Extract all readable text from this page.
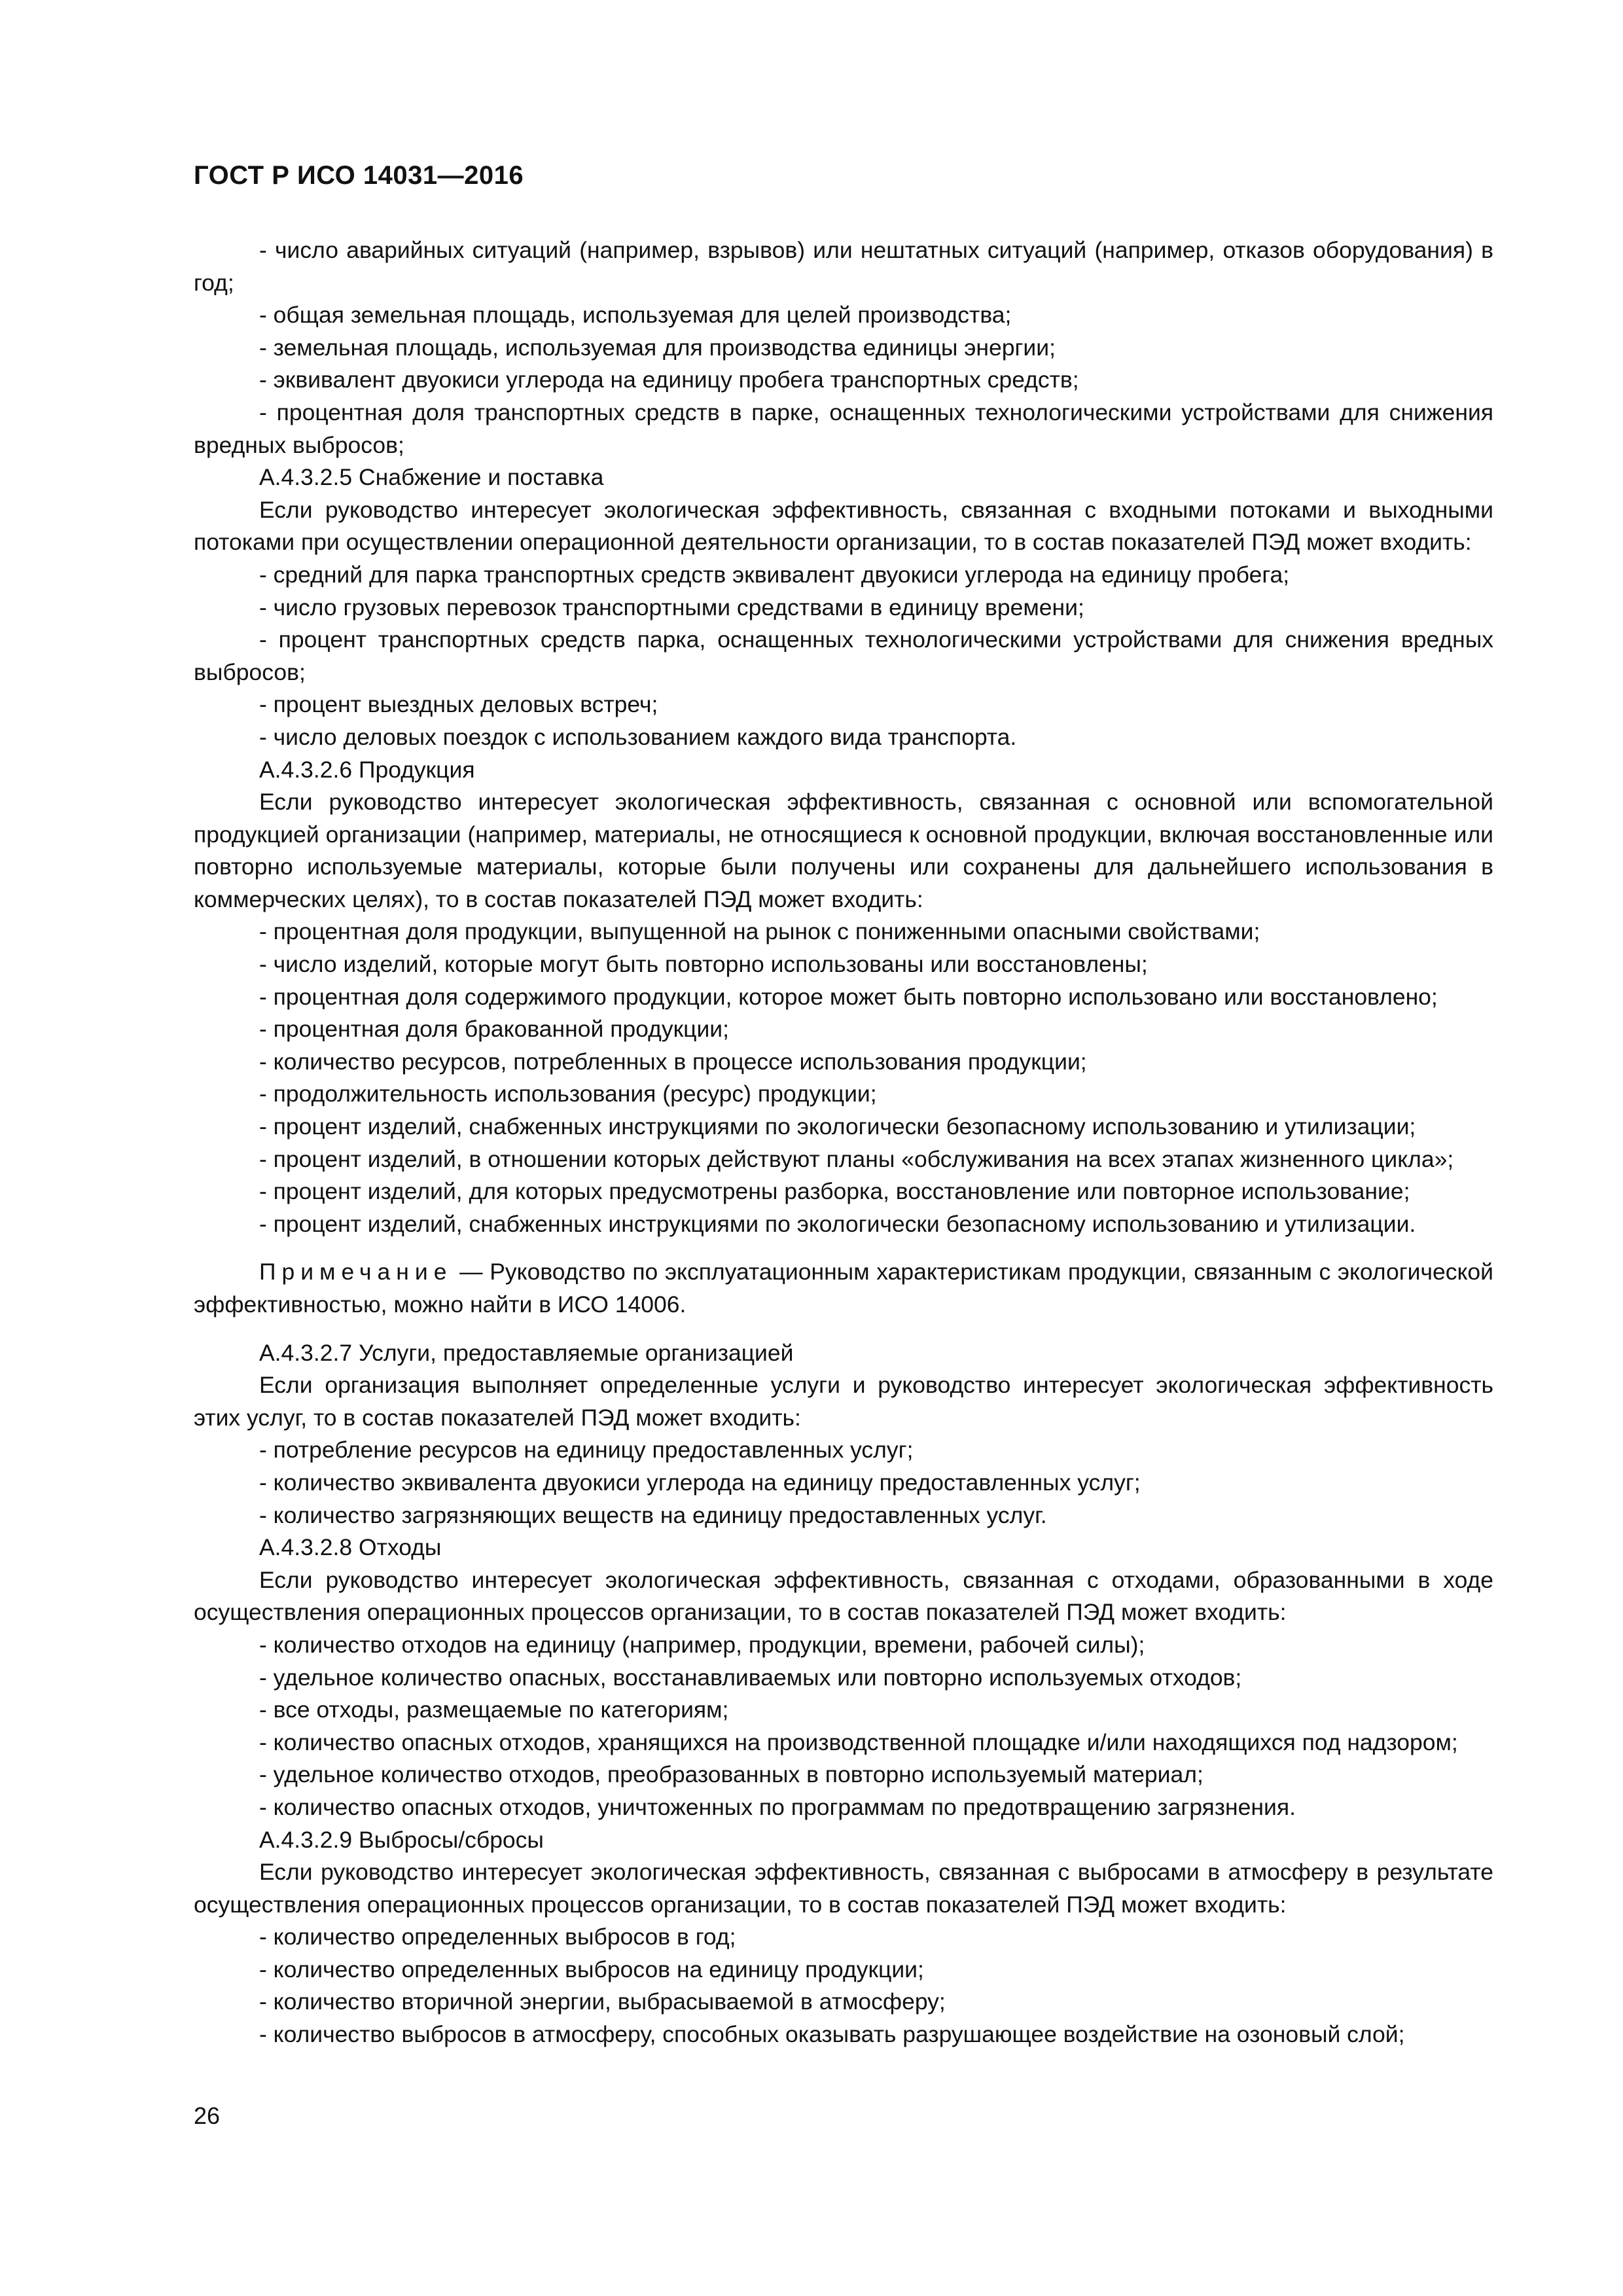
ГОСТ Р ИСО 14031—2016

- число аварийных ситуаций (например, взрывов) или нештатных ситуаций (например, отказов оборудования) в год;

- общая земельная площадь, используемая для целей производства;

- земельная площадь, используемая для производства единицы энергии;

- эквивалент двуокиси углерода на единицу пробега транспортных средств;

- процентная доля транспортных средств в парке, оснащенных технологическими устройствами для снижения вредных выбросов;

А.4.3.2.5 Снабжение и поставка

Если руководство интересует экологическая эффективность, связанная с входными потоками и выходными потоками при осуществлении операционной деятельности организации, то в состав показателей ПЭД может входить:

- средний для парка транспортных средств эквивалент двуокиси углерода на единицу пробега;

- число грузовых перевозок транспортными средствами в единицу времени;

- процент транспортных средств парка, оснащенных технологическими устройствами для снижения вредных выбросов;

- процент выездных деловых встреч;

- число деловых поездок с использованием каждого вида транспорта.

А.4.3.2.6 Продукция

Если руководство интересует экологическая эффективность, связанная с основной или вспомогательной продукцией организации (например, материалы, не относящиеся к основной продукции, включая восстановленные или повторно используемые материалы, которые были получены или сохранены для дальнейшего использования в коммерческих целях), то в состав показателей ПЭД может входить:

- процентная доля продукции, выпущенной на рынок с пониженными опасными свойствами;

- число изделий, которые могут быть повторно использованы или восстановлены;

- процентная доля содержимого продукции, которое может быть повторно использовано или восстановлено;

- процентная доля бракованной продукции;

- количество ресурсов, потребленных в процессе использования продукции;

- продолжительность использования (ресурс) продукции;

- процент изделий, снабженных инструкциями по экологически безопасному использованию и утилизации;

- процент изделий, в отношении которых действуют планы «обслуживания на всех этапах жизненного цикла»;

- процент изделий, для которых предусмотрены разборка, восстановление или повторное использование;

- процент изделий, снабженных инструкциями по экологически безопасному использованию и утилизации.

Примечание — Руководство по эксплуатационным характеристикам продукции, связанным с экологической эффективностью, можно найти в ИСО 14006.

А.4.3.2.7 Услуги, предоставляемые организацией

Если организация выполняет определенные услуги и руководство интересует экологическая эффективность этих услуг, то в состав показателей ПЭД может входить:

- потребление ресурсов на единицу предоставленных услуг;

- количество эквивалента двуокиси углерода на единицу предоставленных услуг;

- количество загрязняющих веществ на единицу предоставленных услуг.

А.4.3.2.8 Отходы

Если руководство интересует экологическая эффективность, связанная с отходами, образованными в ходе осуществления операционных процессов организации, то в состав показателей ПЭД может входить:

- количество отходов на единицу (например, продукции, времени, рабочей силы);

- удельное количество опасных, восстанавливаемых или повторно используемых отходов;

- все отходы, размещаемые по категориям;

- количество опасных отходов, хранящихся на производственной площадке и/или находящихся под надзором;

- удельное количество отходов, преобразованных в повторно используемый материал;

- количество опасных отходов, уничтоженных по программам по предотвращению загрязнения.

А.4.3.2.9 Выбросы/сбросы

Если руководство интересует экологическая эффективность, связанная с выбросами в атмосферу в результате осуществления операционных процессов организации, то в состав показателей ПЭД может входить:

- количество определенных выбросов в год;

- количество определенных выбросов на единицу продукции;

- количество вторичной энергии, выбрасываемой в атмосферу;

- количество выбросов в атмосферу, способных оказывать разрушающее воздействие на озоновый слой;

26
